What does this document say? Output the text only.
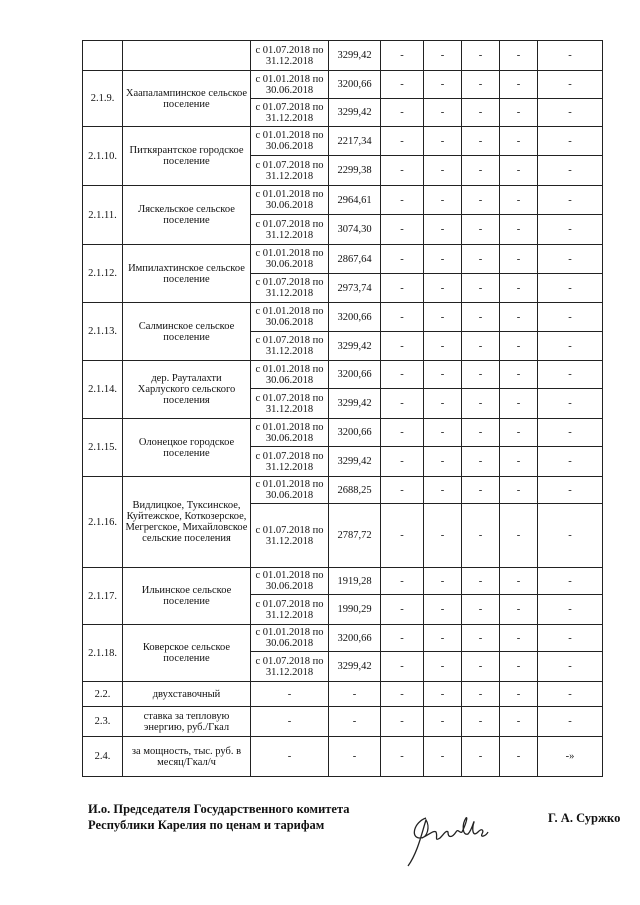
		с 01.07.2018 по 31.12.2018	3299,42	-	-	-	-	-
2.1.9.	Хаапалампинское сельское поселение	с 01.01.2018 по 30.06.2018	3200,66	-	-	-	-	-
		с 01.07.2018 по 31.12.2018	3299,42	-	-	-	-	-
2.1.10.	Питкярантское городское поселение	с 01.01.2018 по 30.06.2018	2217,34	-	-	-	-	-
		с 01.07.2018 по 31.12.2018	2299,38	-	-	-	-	-
2.1.11.	Ляскельское сельское поселение	с 01.01.2018 по 30.06.2018	2964,61	-	-	-	-	-
		с 01.07.2018 по 31.12.2018	3074,30	-	-	-	-	-
2.1.12.	Импилахтинское сельское поселение	с 01.01.2018 по 30.06.2018	2867,64	-	-	-	-	-
		с 01.07.2018 по 31.12.2018	2973,74	-	-	-	-	-
2.1.13.	Салминское сельское поселение	с 01.01.2018 по 30.06.2018	3200,66	-	-	-	-	-
		с 01.07.2018 по 31.12.2018	3299,42	-	-	-	-	-
2.1.14.	дер. Рауталахти Харлуского сельского поселения	с 01.01.2018 по 30.06.2018	3200,66	-	-	-	-	-
		с 01.07.2018 по 31.12.2018	3299,42	-	-	-	-	-
2.1.15.	Олонецкое городское поселение	с 01.01.2018 по 30.06.2018	3200,66	-	-	-	-	-
		с 01.07.2018 по 31.12.2018	3299,42	-	-	-	-	-
2.1.16.	Видлицкое, Туксинское, Куйтежское, Коткозерское, Мегрегское, Михайловское сельские поселения	с 01.01.2018 по 30.06.2018	2688,25	-	-	-	-	-
		с 01.07.2018 по 31.12.2018	2787,72	-	-	-	-	-
2.1.17.	Ильинское сельское поселение	с 01.01.2018 по 30.06.2018	1919,28	-	-	-	-	-
		с 01.07.2018 по 31.12.2018	1990,29	-	-	-	-	-
2.1.18.	Коверское сельское поселение	с 01.01.2018 по 30.06.2018	3200,66	-	-	-	-	-
		с 01.07.2018 по 31.12.2018	3299,42	-	-	-	-	-
2.2.	двухставочный	-	-	-	-	-	-	-
2.3.	ставка за тепловую энергию, руб./Гкал	-	-	-	-	-	-	-
2.4.	за мощность, тыс. руб. в месяц/Гкал/ч	-	-	-	-	-	-	-»
И.о. Председателя Государственного комитета
Республики Карелия по ценам и тарифам	Г. А. Суржко
